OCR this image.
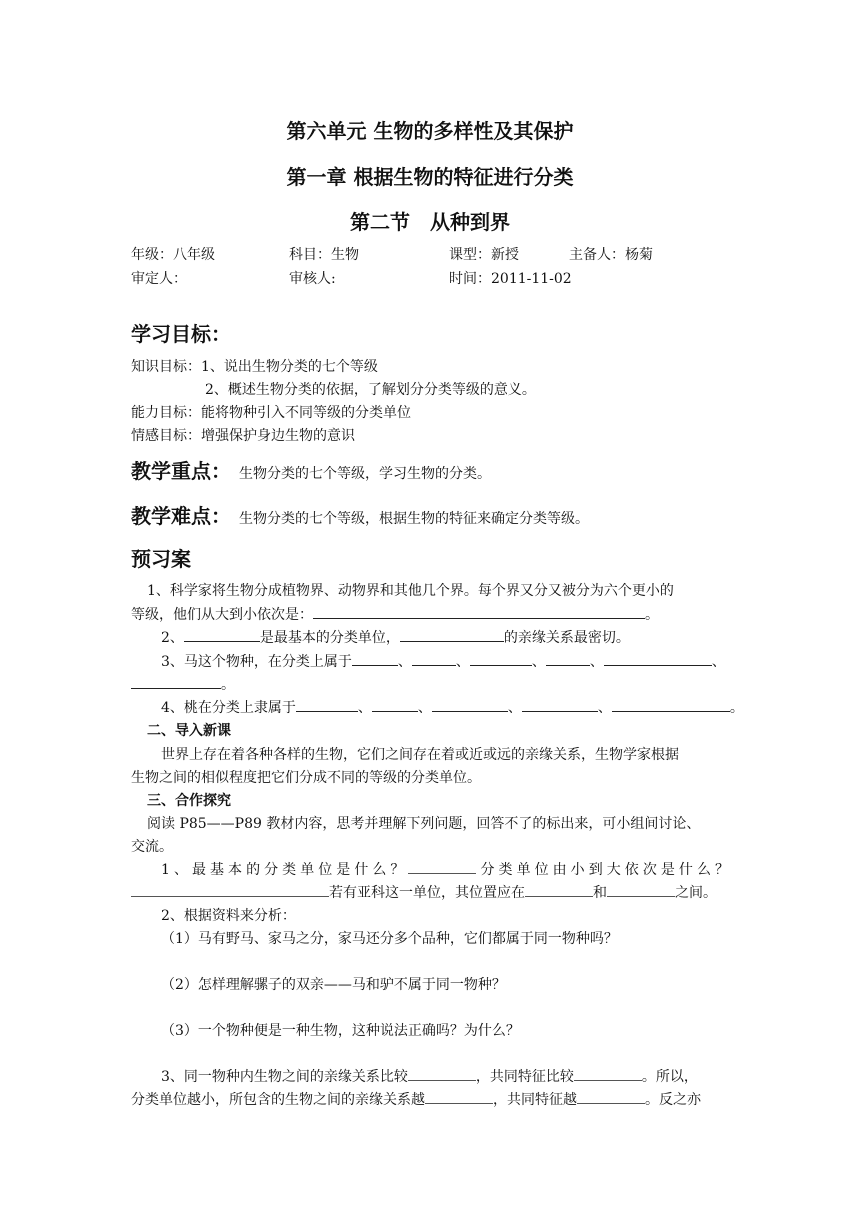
第六单元 生物的多样性及其保护
第一章 根据生物的特征进行分类
第二节　从种到界
年级：八年级	科目：生物	课型：新授	主备人：杨菊
审定人：	审核人:	时间：2011-11-02
学习目标：
知识目标：1、说出生物分类的七个等级
2、概述生物分类的依据，了解划分分类等级的意义。
能力目标：能将物种引入不同等级的分类单位
情感目标：增强保护身边生物的意识
教学重点： 生物分类的七个等级，学习生物的分类。
教学难点： 生物分类的七个等级，根据生物的特征来确定分类等级。
预习案
1、科学家将生物分成植物界、动物界和其他几个界。每个界又分又被分为六个更小的
等级，他们从大到小依次是：	。
2、	是最基本的分类单位，	的亲缘关系最密切。
3、马这个物种，在分类上属于	、	、	、	、	、
。
4、桃在分类上隶属于	、	、	、	、	。
二、导入新课
世界上存在着各种各样的生物，它们之间存在着或近或远的亲缘关系，生物学家根据
生物之间的相似程度把它们分成不同的等级的分类单位。
三、合作探究
阅读 P85——P89 教材内容，思考并理解下列问题，回答不了的标出来，可小组间讨论、
交流。
1、最基本的分类单位是什么？	分类单位由小到大依次是什么？
若有亚科这一单位，其位置应在	和	之间。
2、根据资料来分析：
（1）马有野马、家马之分，家马还分多个品种，它们都属于同一物种吗？
（2）怎样理解骡子的双亲——马和驴不属于同一物种？
（3）一个物种便是一种生物，这种说法正确吗？为什么？
3、同一物种内生物之间的亲缘关系比较	，共同特征比较	。所以，
分类单位越小，所包含的生物之间的亲缘关系越	，共同特征越	。反之亦
